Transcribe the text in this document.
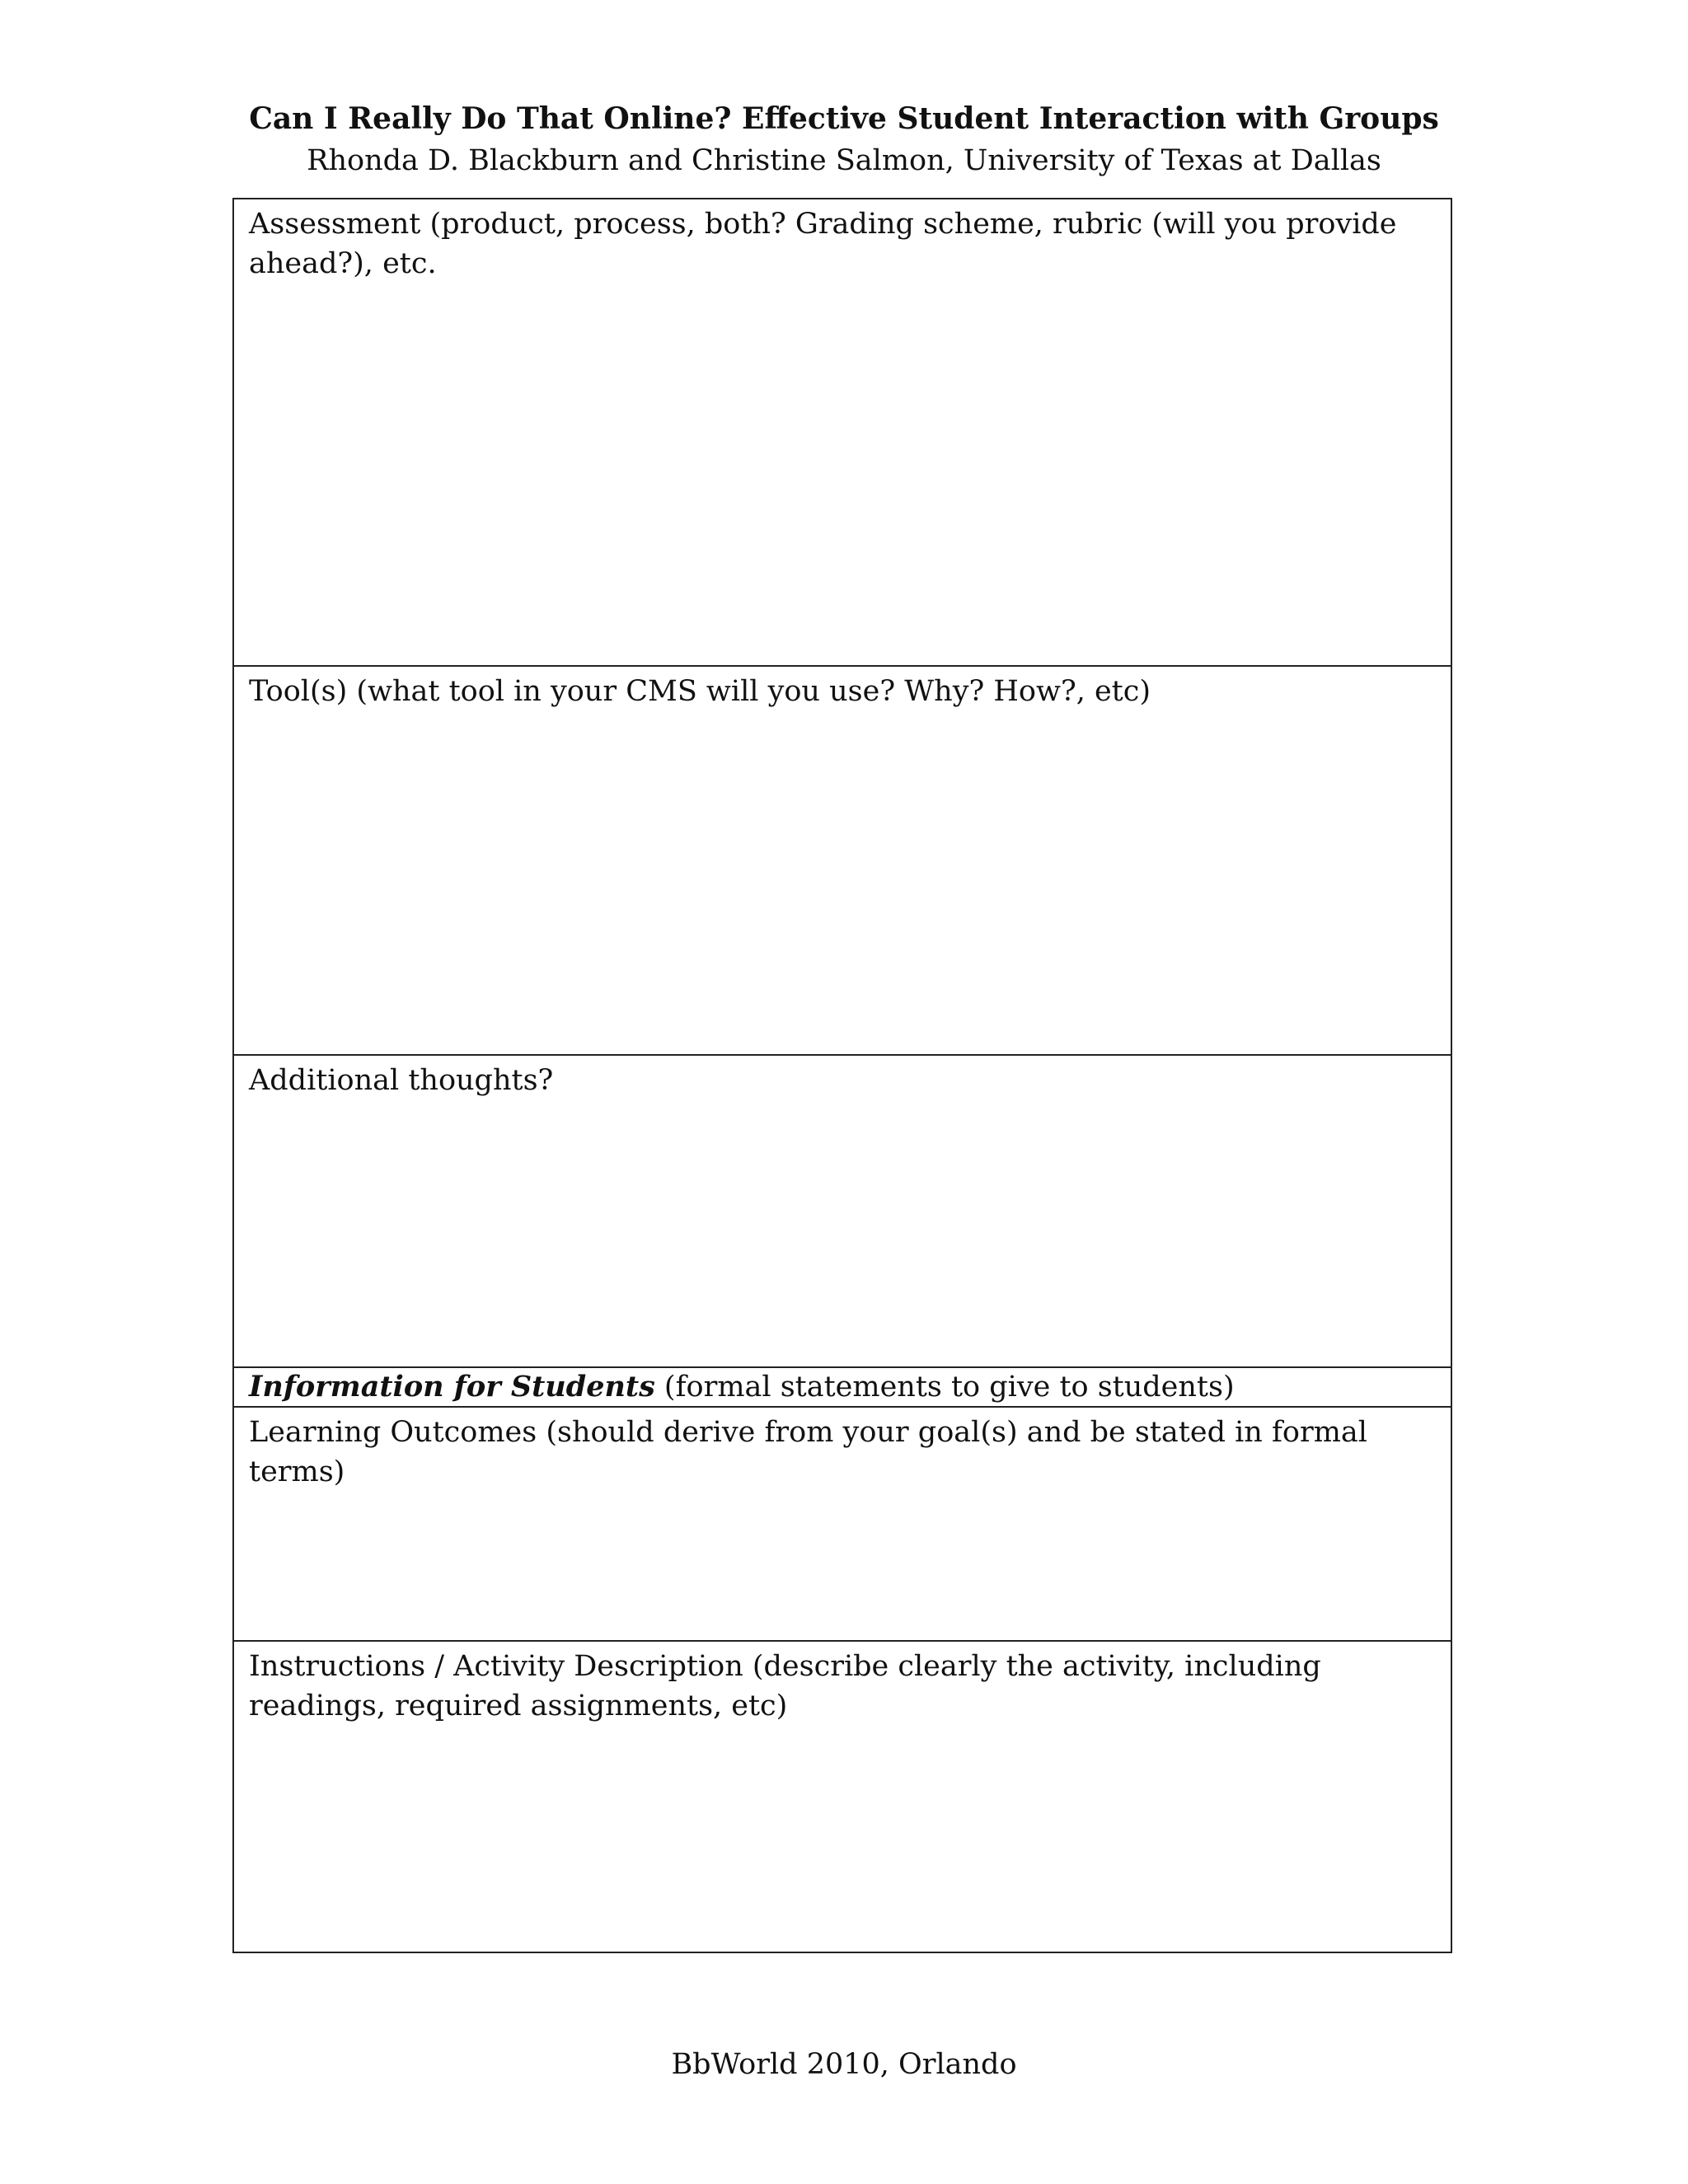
Can I Really Do That Online? Effective Student Interaction with Groups

Rhonda D. Blackburn and Christine Salmon, University of Texas at Dallas

Assessment (product, process, both? Grading scheme, rubric (will you provide ahead?), etc.
Tool(s) (what tool in your CMS will you use? Why? How?, etc)
Additional thoughts?
Information for Students (formal statements to give to students)
Learning Outcomes (should derive from your goal(s) and be stated in formal terms)
Instructions / Activity Description (describe clearly the activity, including readings, required assignments, etc)
BbWorld 2010, Orlando
